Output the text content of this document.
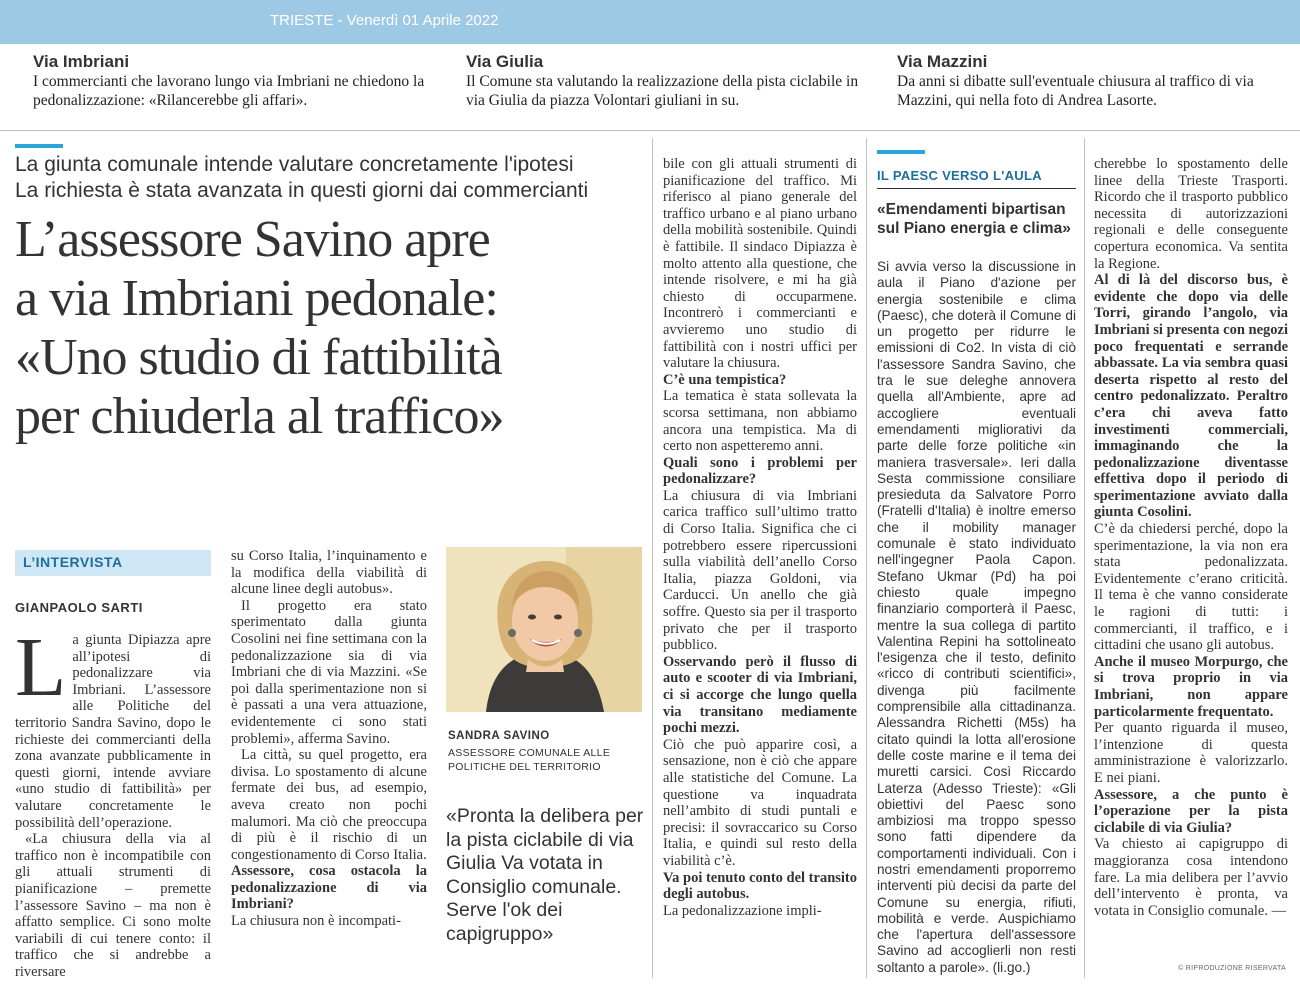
TRIESTE - Venerdì 01 Aprile 2022
Via Imbriani
I commercianti che lavorano lungo via Imbriani ne chiedono la pedonalizzazione: «Rilancerebbe gli affari».
Via Giulia
Il Comune sta valutando la realizzazione della pista ciclabile in via Giulia da piazza Volontari giuliani in su.
Via Mazzini
Da anni si dibatte sull'eventuale chiusura al traffico di via Mazzini, qui nella foto di Andrea Lasorte.
La giunta comunale intende valutare concretamente l'ipotesi
La richiesta è stata avanzata in questi giorni dai commercianti
L’assessore Savino apre
a via Imbriani pedonale:
«Uno studio di fattibilità
per chiuderla al traffico»
L’INTERVISTA
GIANPAOLO SARTI
L a giunta Dipiazza apre all’ipotesi di pedonalizzare via Imbriani. L’assessore alle Politiche del territorio Sandra Savino, dopo le richieste dei commercianti della zona avanzate pubblicamente in questi giorni, intende avviare «uno studio di fattibilità» per valutare concretamente le possibilità dell’operazione.

«La chiusura della via al traffico non è incompatibile con gli attuali strumenti di pianificazione – premette l’assessore Savino – ma non è affatto semplice. Ci sono molte variabili di cui tenere conto: il traffico che si andrebbe a riversare

su Corso Italia, l’inquinamento e la modifica della viabilità di alcune linee degli autobus».

Il progetto era stato sperimentato dalla giunta Cosolini nei fine settimana con la pedonalizzazione sia di via Imbriani che di via Mazzini. «Se poi dalla sperimentazione non si è passati a una vera attuazione, evidentemente ci sono stati problemi», afferma Savino.

La città, su quel progetto, era divisa. Lo spostamento di alcune fermate dei bus, ad esempio, aveva creato non pochi malumori. Ma ciò che preoccupa di più è il rischio di un congestionamento di Corso Italia.

Assessore, cosa ostacola la pedonalizzazione di via Imbriani?

La chiusura non è incompati-

SANDRA SAVINO
ASSESSORE COMUNALE ALLE POLITICHE DEL TERRITORIO
«Pronta la delibera per la pista ciclabile di via Giulia Va votata in Consiglio comunale. Serve l'ok dei capigruppo»

bile con gli attuali strumenti di pianificazione del traffico. Mi riferisco al piano generale del traffico urbano e al piano urbano della mobilità sostenibile. Quindi è fattibile. Il sindaco Dipiazza è molto attento alla questione, che intende risolvere, e mi ha già chiesto di occuparmene. Incontrerò i commercianti e avvieremo uno studio di fattibilità con i nostri uffici per valutare la chiusura.

C’è una tempistica?

La tematica è stata sollevata la scorsa settimana, non abbiamo ancora una tempistica. Ma di certo non aspetteremo anni.

Quali sono i problemi per pedonalizzare?

La chiusura di via Imbriani carica traffico sull’ultimo tratto di Corso Italia. Significa che ci potrebbero essere ripercussioni sulla viabilità dell’anello Corso Italia, piazza Goldoni, via Carducci. Un anello che già soffre. Questo sia per il trasporto privato che per il trasporto pubblico.

Osservando però il flusso di auto e scooter di via Imbriani, ci si accorge che lungo quella via transitano mediamente pochi mezzi.

Ciò che può apparire così, a sensazione, non è ciò che appare alle statistiche del Comune. La questione va inquadrata nell’ambito di studi puntali e precisi: il sovraccarico su Corso Italia, e quindi sul resto della viabilità c’è.

Va poi tenuto conto del transito degli autobus.

La pedonalizzazione impli-

IL PAESC VERSO L'AULA
«Emendamenti bipartisan sul Piano energia e clima»
Si avvia verso la discussione in aula il Piano d'azione per energia sostenibile e clima (Paesc), che doterà il Comune di un progetto per ridurre le emissioni di Co2. In vista di ciò l'assessore Sandra Savino, che tra le sue deleghe annovera quella all'Ambiente, apre ad accogliere eventuali emendamenti migliorativi da parte delle forze politiche «in maniera trasversale». Ieri dalla Sesta commissione consiliare presieduta da Salvatore Porro (Fratelli d'Italia) è inoltre emerso che il mobility manager comunale è stato individuato nell'ingegner Paola Capon. Stefano Ukmar (Pd) ha poi chiesto quale impegno finanziario comporterà il Paesc, mentre la sua collega di partito Valentina Repini ha sottolineato l'esigenza che il testo, definito «ricco di contributi scientifici», divenga più facilmente comprensibile alla cittadinanza. Alessandra Richetti (M5s) ha citato quindi la lotta all'erosione delle coste marine e il tema dei muretti carsici. Così Riccardo Laterza (Adesso Trieste): «Gli obiettivi del Paesc sono ambiziosi ma troppo spesso sono fatti dipendere da comportamenti individuali. Con i nostri emendamenti proporremo interventi più decisi da parte del Comune su energia, rifiuti, mobilità e verde. Auspichiamo che l'apertura dell'assessore Savino ad accoglierli non resti soltanto a parole». (li.go.)

cherebbe lo spostamento delle linee della Trieste Trasporti. Ricordo che il trasporto pubblico necessita di autorizzazioni regionali e delle conseguente copertura economica. Va sentita la Regione.

Al di là del discorso bus, è evidente che dopo via delle Torri, girando l’angolo, via Imbriani si presenta con negozi poco frequentati e serrande abbassate. La via sembra quasi deserta rispetto al resto del centro pedonalizzato. Peraltro c’era chi aveva fatto investimenti commerciali, immaginando che la pedonalizzazione diventasse effettiva dopo il periodo di sperimentazione avviato dalla giunta Cosolini.

C’è da chiedersi perché, dopo la sperimentazione, la via non era stata pedonalizzata. Evidentemente c’erano criticità. Il tema è che vanno considerate le ragioni di tutti: i commercianti, il traffico, e i cittadini che usano gli autobus.

Anche il museo Morpurgo, che si trova proprio in via Imbriani, non appare particolarmente frequentato.

Per quanto riguarda il museo, l’intenzione di questa amministrazione è valorizzarlo. E nei piani.

Assessore, a che punto è l’operazione per la pista ciclabile di via Giulia?

Va chiesto ai capigruppo di maggioranza cosa intendono fare. La mia delibera per l’avvio dell’intervento è pronta, va votata in Consiglio comunale. —

© RIPRODUZIONE RISERVATA
